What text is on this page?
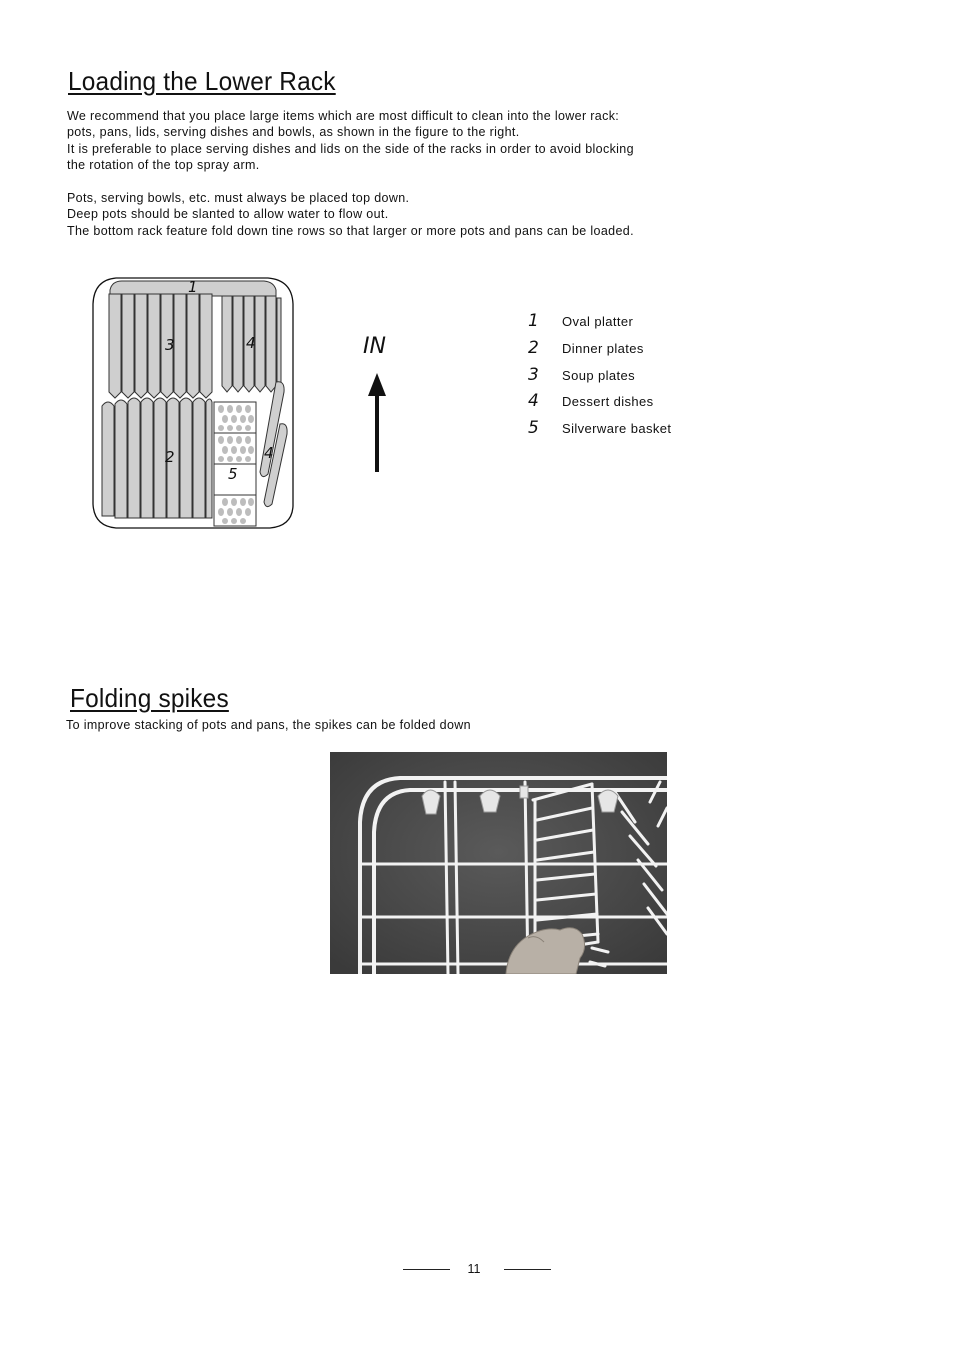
Loading the Lower Rack
We recommend that you place large items which are most difficult to clean into the lower rack:
pots, pans, lids, serving dishes and bowls, as shown in the figure to the right.
It is preferable to place serving dishes and lids on the side of the racks in order to avoid blocking
the rotation of the top spray arm.
Pots, serving bowls, etc. must always be placed top down.
Deep pots should be slanted to allow water to flow out.
The bottom rack feature fold down tine rows so that larger or more pots and pans can be loaded.
1
2
3	4
4
5
IN
1	Oval platter
2	Dinner plates
3	Soup plates
4	Dessert dishes
5	Silverware basket
Folding spikes
To improve stacking of pots and pans, the spikes can be folded down
11
